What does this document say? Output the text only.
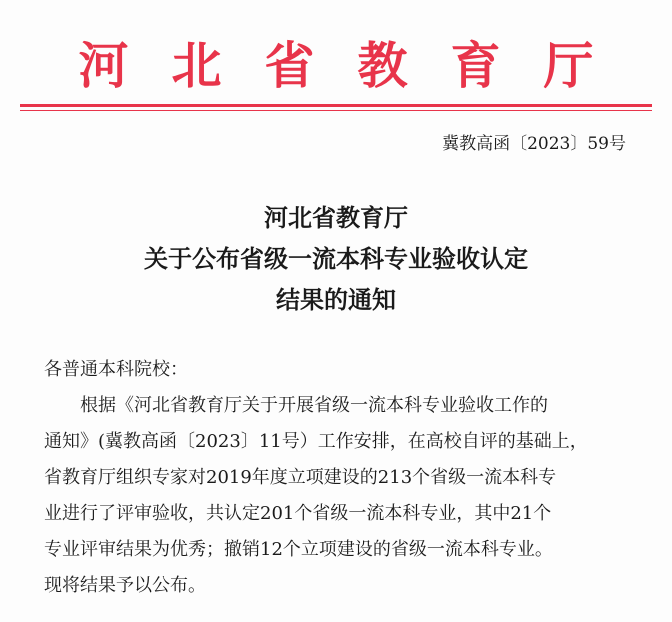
河北省教育厅
冀教高函〔2023〕59号
河北省教育厅
关于公布省级一流本科专业验收认定
结果的通知
各普通本科院校：
根据《河北省教育厅关于开展省级一流本科专业验收工作的
通知》(冀教高函〔2023〕11号）工作安排，在高校自评的基础上，
省教育厅组织专家对2019年度立项建设的213个省级一流本科专
业进行了评审验收，共认定201个省级一流本科专业，其中21个
专业评审结果为优秀；撤销12个立项建设的省级一流本科专业。
现将结果予以公布。
